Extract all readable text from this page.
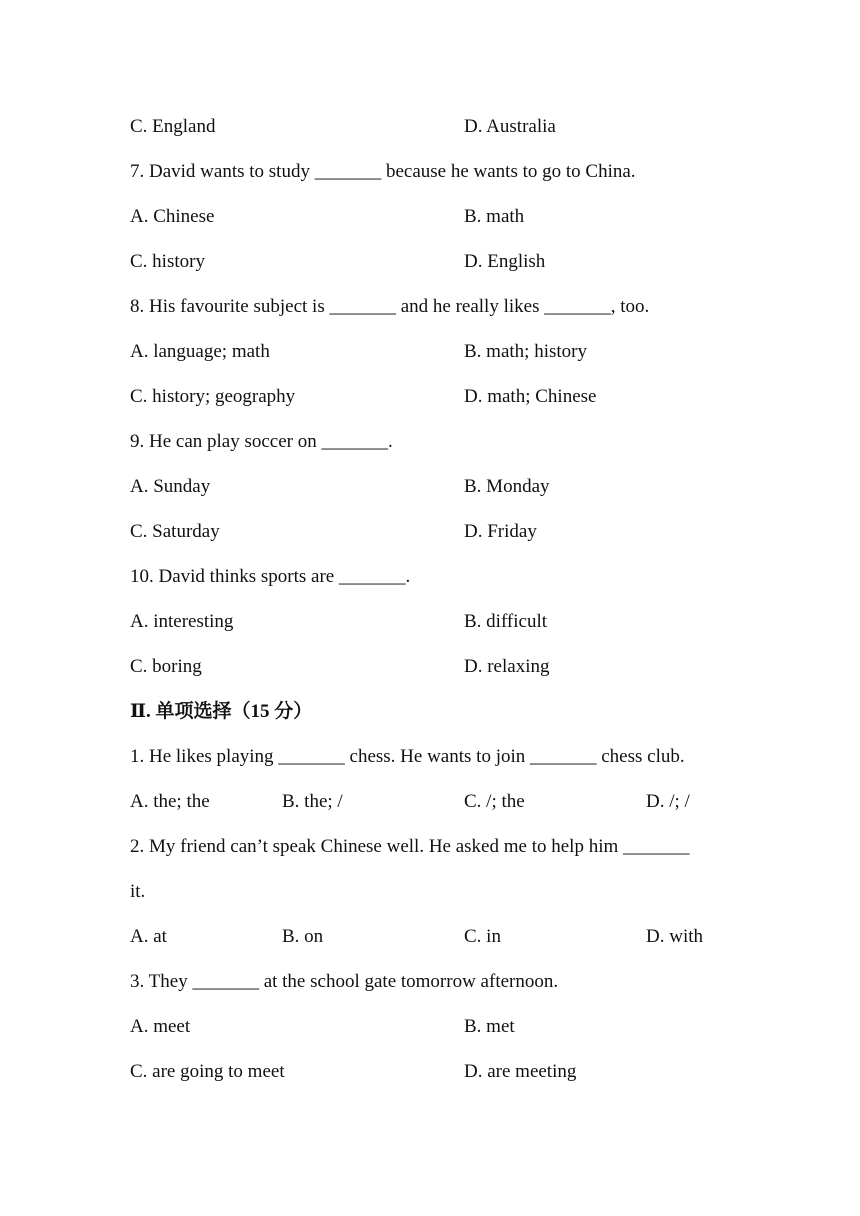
C. England	D. Australia
7. David wants to study _______ because he wants to go to China.
A. Chinese	B. math
C. history	D. English
8. His favourite subject is _______ and he really likes _______, too.
A. language; math	B. math; history
C. history; geography	D. math; Chinese
9. He can play soccer on _______.
A. Sunday	B. Monday
C. Saturday	D. Friday
10. David thinks sports are _______.
A. interesting	B. difficult
C. boring	D. relaxing
Ⅱ. 单项选择（15 分）
1. He likes playing _______ chess. He wants to join _______ chess club.
A. the; the	B. the; /	C. /; the	D. /; /
2. My friend can’t speak Chinese well. He asked me to help him _______
it.
A. at	B. on	C. in	D. with
3. They _______ at the school gate tomorrow afternoon.
A. meet	B. met
C. are going to meet	D. are meeting
